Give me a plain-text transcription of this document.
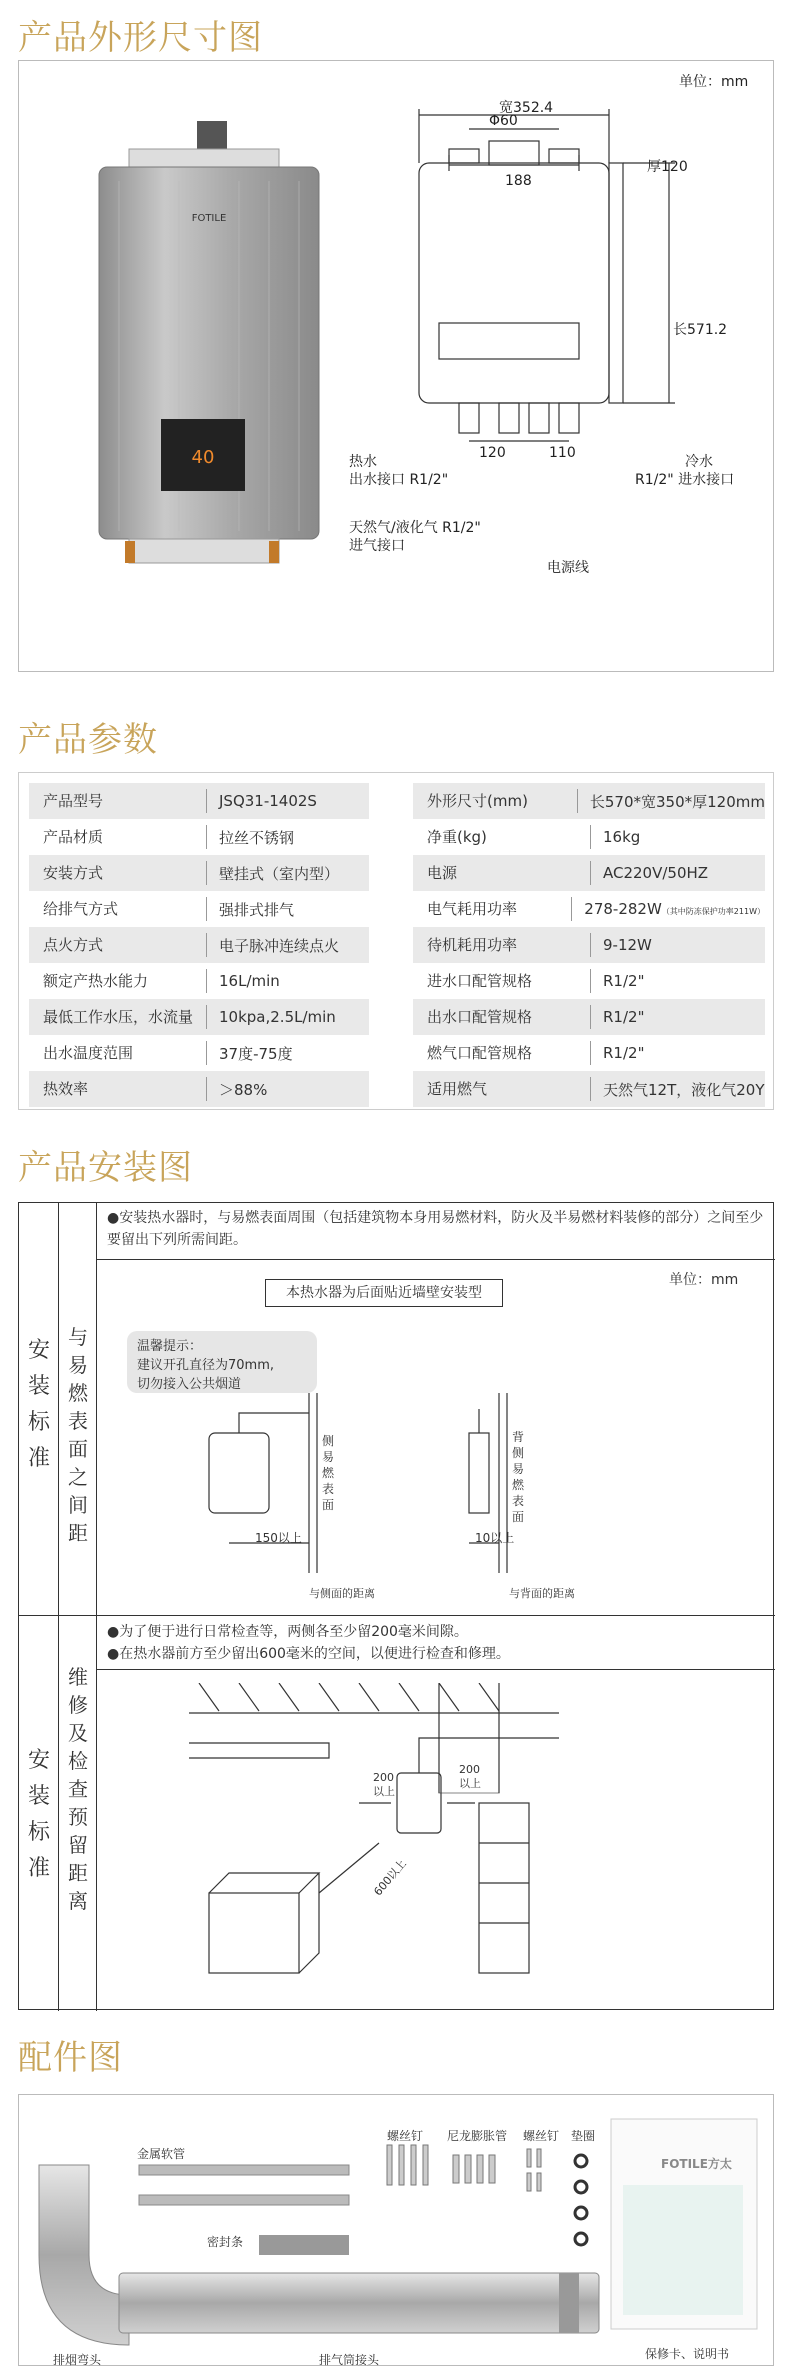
产品外形尺寸图
FOTILE
40
单位：mm
宽352.4
Φ60
188
厚120
长571.2
120	110
热水
出水接口 R1/2"
天然气/液化气 R1/2"
进气接口
电源线
冷水
R1/2" 进水接口
产品参数
产品型号	JSQ31-1402S
产品材质	拉丝不锈钢
安装方式	壁挂式（室内型）
给排气方式	强排式排气
点火方式	电子脉冲连续点火
额定产热水能力	16L/min
最低工作水压，水流量	10kpa,2.5L/min
出水温度范围	37度-75度
热效率	＞88%
外形尺寸(mm)	长570*宽350*厚120mm
净重(kg)	16kg
电源	AC220V/50HZ
电气耗用功率	278-282W（其中防冻保护功率211W）
待机耗用功率	9-12W
进水口配管规格	R1/2"
出水口配管规格	R1/2"
燃气口配管规格	R1/2"
适用燃气	天然气12T，液化气20Y
产品安装图
安装标准
安装标准
与易燃表面之间距
维修及检查预留距离
●安装热水器时，与易燃表面周围（包括建筑物本身用易燃材料，防火及半易燃材料装修的部分）之间至少要留出下列所需间距。
本热水器为后面贴近墙壁安装型
单位：mm
温馨提示：
建议开孔直径为70mm,
切勿接入公共烟道
侧易燃表面
背侧易燃表面
150以上	10以上
与侧面的距离	与背面的距离
●为了便于进行日常检查等，两侧各至少留200毫米间隙。
●在热水器前方至少留出600毫米的空间，以便进行检查和修理。
200以上
200以上
600以上
配件图
金属软管
密封条
排烟弯头	排气筒接头
螺丝钉 尼龙膨胀管 螺丝钉 垫圈
FOTILE方太
保修卡、说明书
